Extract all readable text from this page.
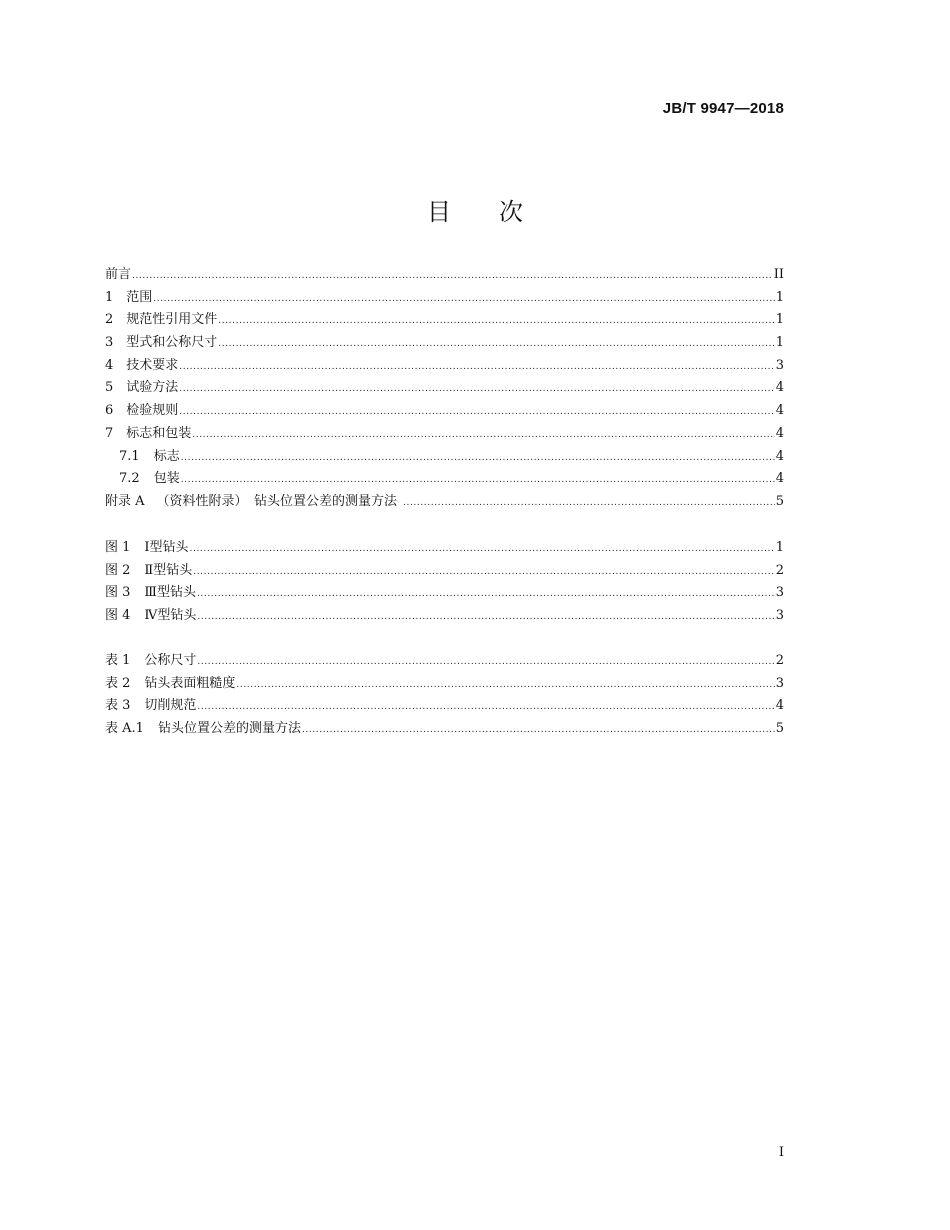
JB/T 9947—2018
目 次
前言 .....	II
1 范围 .....	1
2 规范性引用文件 .....	1
3 型式和公称尺寸 .....	1
4 技术要求 .....	3
5 试验方法 .....	4
6 检验规则 .....	4
7 标志和包装 .....	4
7.1 标志 .....	4
7.2 包装 .....	4
附录 A （资料性附录）　钻头位置公差的测量方法 .....	5
图 1 Ⅰ型钻头 .....	1
图 2 Ⅱ型钻头 .....	2
图 3 Ⅲ型钻头 .....	3
图 4 Ⅳ型钻头 .....	3
表 1 公称尺寸 .....	2
表 2 钻头表面粗糙度 .....	3
表 3 切削规范 .....	4
表 A.1 钻头位置公差的测量方法 .....	5
I
